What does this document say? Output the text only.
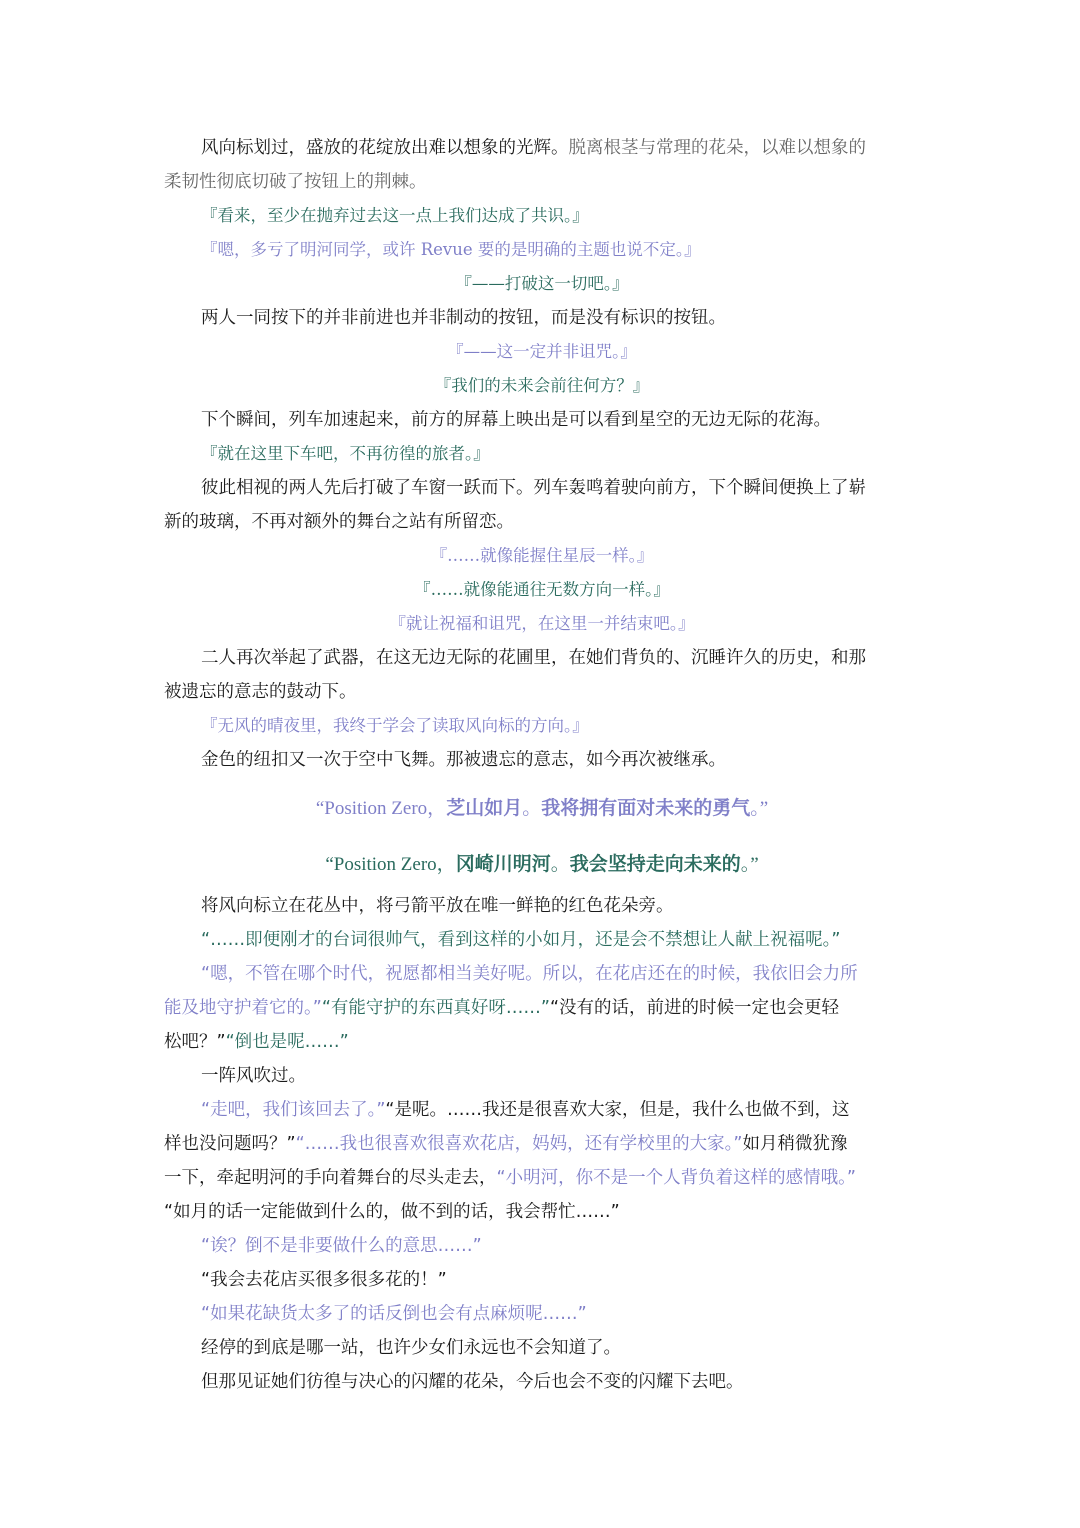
风向标划过，盛放的花绽放出难以想象的光辉。脱离根茎与常理的花朵，以难以想象的
柔韧性彻底切破了按钮上的荆棘。
『看来，至少在抛弃过去这一点上我们达成了共识。』
『嗯，多亏了明河同学，或许 Revue 要的是明确的主题也说不定。』
『——打破这一切吧。』
两人一同按下的并非前进也并非制动的按钮，而是没有标识的按钮。
『——这一定并非诅咒。』
『我们的未来会前往何方？』
下个瞬间，列车加速起来，前方的屏幕上映出是可以看到星空的无边无际的花海。
『就在这里下车吧，不再彷徨的旅者。』
彼此相视的两人先后打破了车窗一跃而下。列车轰鸣着驶向前方，下个瞬间便换上了崭
新的玻璃，不再对额外的舞台之站有所留恋。
『……就像能握住星辰一样。』
『……就像能通往无数方向一样。』
『就让祝福和诅咒，在这里一并结束吧。』
二人再次举起了武器，在这无边无际的花圃里，在她们背负的、沉睡许久的历史，和那
被遗忘的意志的鼓动下。
『无风的晴夜里，我终于学会了读取风向标的方向。』
金色的纽扣又一次于空中飞舞。那被遗忘的意志，如今再次被继承。
“Position Zero，芝山如月。我将拥有面对未来的勇气。”
“Position Zero，冈崎川明河。我会坚持走向未来的。”
将风向标立在花丛中，将弓箭平放在唯一鲜艳的红色花朵旁。
“……即便刚才的台词很帅气，看到这样的小如月，还是会不禁想让人献上祝福呢。”
“嗯，不管在哪个时代，祝愿都相当美好呢。所以，在花店还在的时候，我依旧会力所
能及地守护着它的。”“有能守护的东西真好呀……”“没有的话，前进的时候一定也会更轻
松吧？”“倒也是呢……”
一阵风吹过。
“走吧，我们该回去了。”“是呢。……我还是很喜欢大家，但是，我什么也做不到，这
样也没问题吗？”“……我也很喜欢很喜欢花店，妈妈，还有学校里的大家。”如月稍微犹豫
一下，牵起明河的手向着舞台的尽头走去，“小明河，你不是一个人背负着这样的感情哦。”
“如月的话一定能做到什么的，做不到的话，我会帮忙……”
“诶？倒不是非要做什么的意思……”
“我会去花店买很多很多花的！”
“如果花缺货太多了的话反倒也会有点麻烦呢……”
经停的到底是哪一站，也许少女们永远也不会知道了。
但那见证她们彷徨与决心的闪耀的花朵，今后也会不变的闪耀下去吧。
